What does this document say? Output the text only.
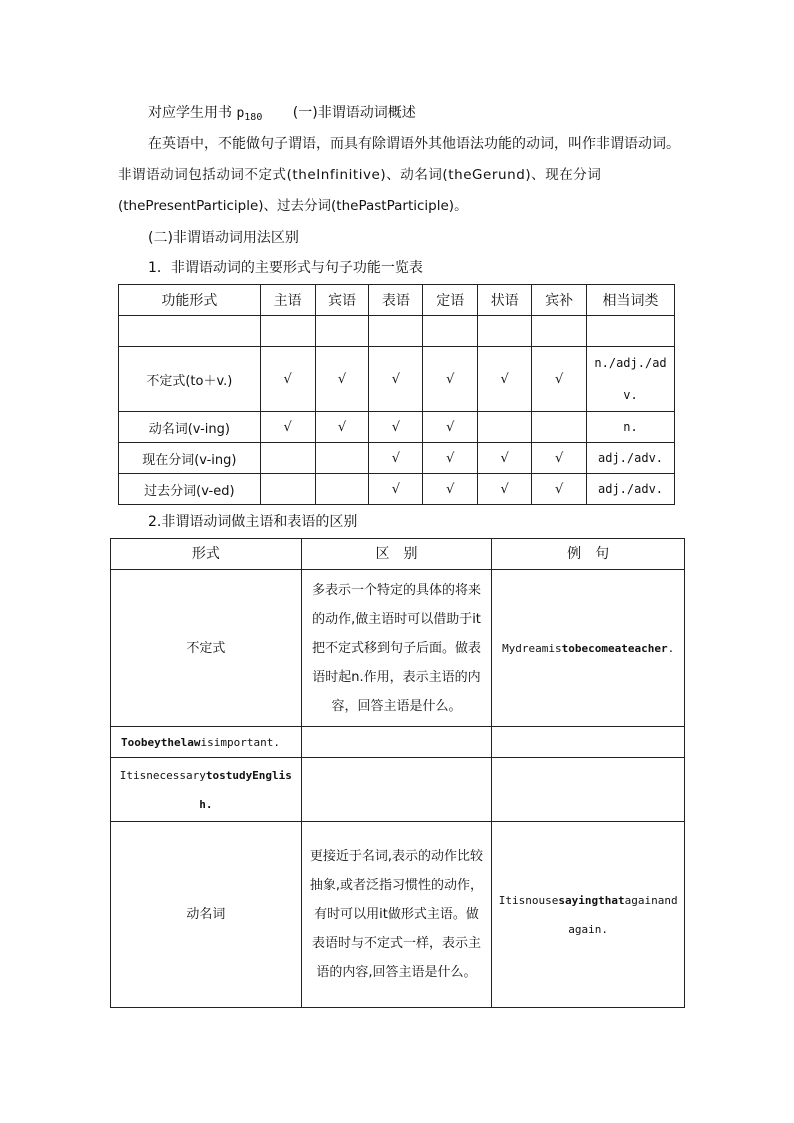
对应学生用书 $p_{180}$ (一)非谓语动词概述
在英语中，不能做句子谓语，而具有除谓语外其他语法功能的动词，叫作非谓语动词。
非谓语动词包括动词不定式(theInfinitive)、动名词(theGerund)、现在分词
(thePresentParticiple)、过去分词(thePastParticiple)。
(二)非谓语动词用法区别
1．非谓语动词的主要形式与句子功能一览表
功能形式	主语	宾语	表语	定语	状语	宾补	相当词类

不定式(to＋v.)	√	√	√	√	√	√	n./adj./adv.
动名词(v-ing)	√	√	√	√			n.
现在分词(v-ing)			√	√	√	√	adj./adv.
过去分词(v-ed)			√	√	√	√	adj./adv.
2.非谓语动词做主语和表语的区别
形式	区　别	例　句
不定式	多表示一个特定的具体的将来的动作,做主语时可以借助于it把不定式移到句子后面。做表语时起n.作用，表示主语的内容，回答主语是什么。	Mydreamistobecomeateacher.
Toobeythelawisimportant.		
ItisnecessarytostudyEnglish.		
动名词	更接近于名词,表示的动作比较抽象,或者泛指习惯性的动作，有时可以用it做形式主语。做表语时与不定式一样，表示主语的内容,回答主语是什么。	Itisnousesayingthatagainandagain.
